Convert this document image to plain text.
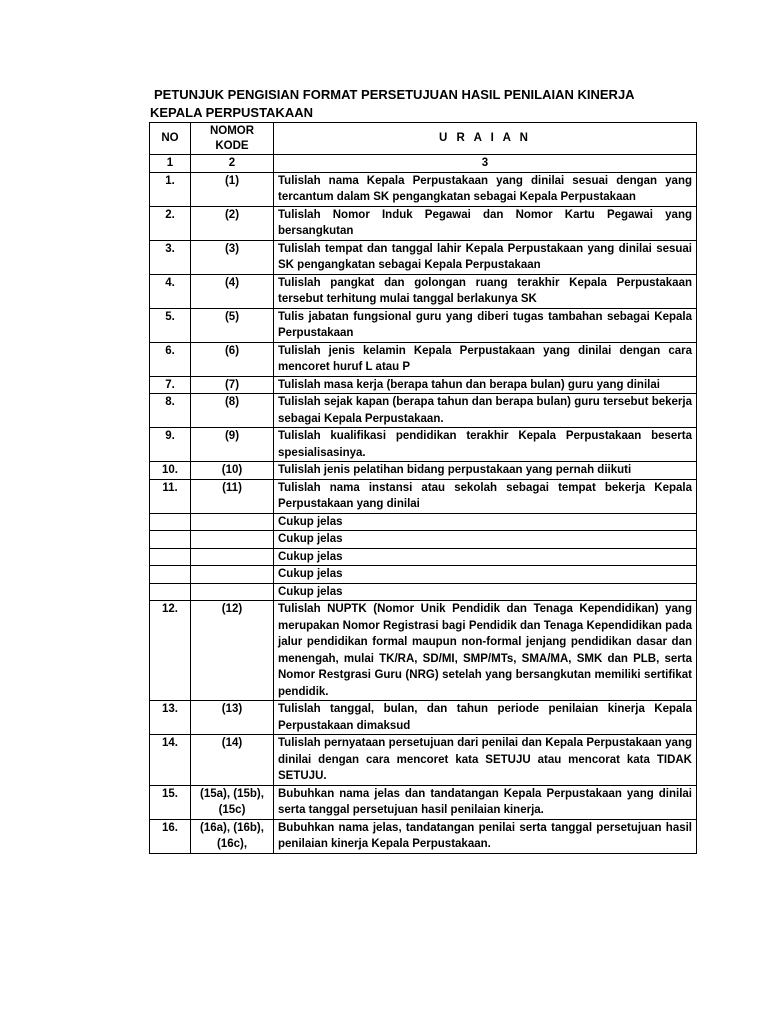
PETUNJUK PENGISIAN FORMAT PERSETUJUAN HASIL PENILAIAN KINERJA
KEPALA PERPUSTAKAAN
NO	NOMOR KODE	U R A I A N
1	2	3
1.	(1)	Tulislah nama Kepala Perpustakaan yang dinilai sesuai dengan yang tercantum dalam SK pengangkatan sebagai Kepala Perpustakaan
2.	(2)	Tulislah Nomor Induk Pegawai dan Nomor Kartu Pegawai yang bersangkutan
3.	(3)	Tulislah tempat dan tanggal lahir Kepala Perpustakaan yang dinilai sesuai SK pengangkatan sebagai Kepala Perpustakaan
4.	(4)	Tulislah pangkat dan golongan ruang terakhir Kepala Perpustakaan tersebut terhitung mulai tanggal berlakunya SK
5.	(5)	Tulis jabatan fungsional guru yang diberi tugas tambahan sebagai Kepala Perpustakaan
6.	(6)	Tulislah jenis kelamin Kepala Perpustakaan yang dinilai dengan cara mencoret huruf L atau P
7.	(7)	Tulislah masa kerja (berapa tahun dan berapa bulan) guru yang dinilai
8.	(8)	Tulislah sejak kapan (berapa tahun dan berapa bulan) guru tersebut bekerja sebagai Kepala Perpustakaan.
9.	(9)	Tulislah kualifikasi pendidikan terakhir Kepala Perpustakaan beserta spesialisasinya.
10.	(10)	Tulislah jenis pelatihan bidang perpustakaan yang pernah diikuti
11.	(11)	Tulislah nama instansi atau sekolah sebagai tempat bekerja Kepala Perpustakaan yang dinilai
		Cukup jelas
		Cukup jelas
		Cukup jelas
		Cukup jelas
		Cukup jelas
12.	(12)	Tulislah NUPTK (Nomor Unik Pendidik dan Tenaga Kependidikan) yang merupakan Nomor Registrasi bagi Pendidik dan Tenaga Kependidikan pada jalur pendidikan formal maupun non-formal jenjang pendidikan dasar dan menengah, mulai TK/RA, SD/MI, SMP/MTs, SMA/MA, SMK dan PLB, serta Nomor Restgrasi Guru (NRG) setelah yang bersangkutan memiliki sertifikat pendidik.
13.	(13)	Tulislah tanggal, bulan, dan tahun periode penilaian kinerja Kepala Perpustakaan dimaksud
14.	(14)	Tulislah pernyataan persetujuan dari penilai dan Kepala Perpustakaan yang dinilai dengan cara mencoret kata SETUJU atau mencorat kata TIDAK SETUJU.
15.	(15a), (15b), (15c)	Bubuhkan nama jelas dan tandatangan Kepala Perpustakaan yang dinilai serta tanggal persetujuan hasil penilaian kinerja.
16.	(16a), (16b), (16c),	Bubuhkan nama jelas, tandatangan penilai serta tanggal persetujuan hasil penilaian kinerja Kepala Perpustakaan.
